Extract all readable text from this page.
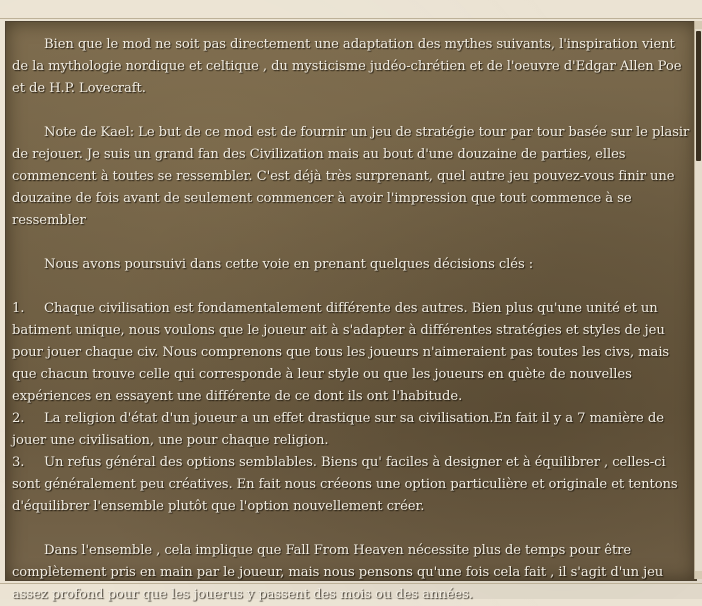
Bien que le mod ne soit pas directement une adaptation des mythes suivants, l'inspiration vient de la mythologie nordique et celtique , du mysticisme judéo-chrétien et de l'oeuvre d'Edgar Allen Poe et de H.P. Lovecraft.

Note de Kael: Le but de ce mod est de fournir un jeu de stratégie tour par tour basée sur le plasir de rejouer. Je suis un grand fan des Civilization mais au bout d'une douzaine de parties, elles commencent à toutes se ressembler. C'est déjà très surprenant, quel autre jeu pouvez-vous finir une douzaine de fois avant de seulement commencer à avoir l'impression que tout commence à se ressembler

Nous avons poursuivi dans cette voie en prenant quelques décisions clés :

1. Chaque civilisation est fondamentalement différente des autres. Bien plus qu'une unité et un batiment unique, nous voulons que le joueur ait à s'adapter à différentes stratégies et styles de jeu pour jouer chaque civ. Nous comprenons que tous les joueurs n'aimeraient pas toutes les civs, mais que chacun trouve celle qui corresponde à leur style ou que les joueurs en quète de nouvelles expériences en essayent une différente de ce dont ils ont l'habitude.

2. La religion d'état d'un joueur a un effet drastique sur sa civilisation.En fait il y a 7 manière de jouer une civilisation, une pour chaque religion.

3. Un refus général des options semblables. Biens qu' faciles à designer et à équilibrer , celles-ci sont généralement peu créatives. En fait nous créeons une option particulière et originale et tentons d'équilibrer l'ensemble plutôt que l'option nouvellement créer.

Dans l'ensemble , cela implique que Fall From Heaven nécessite plus de temps pour être complètement pris en main par le joueur, mais nous pensons qu'une fois cela fait , il s'agit d'un jeu assez profond pour que les jouerus y passent des mois ou des années.
